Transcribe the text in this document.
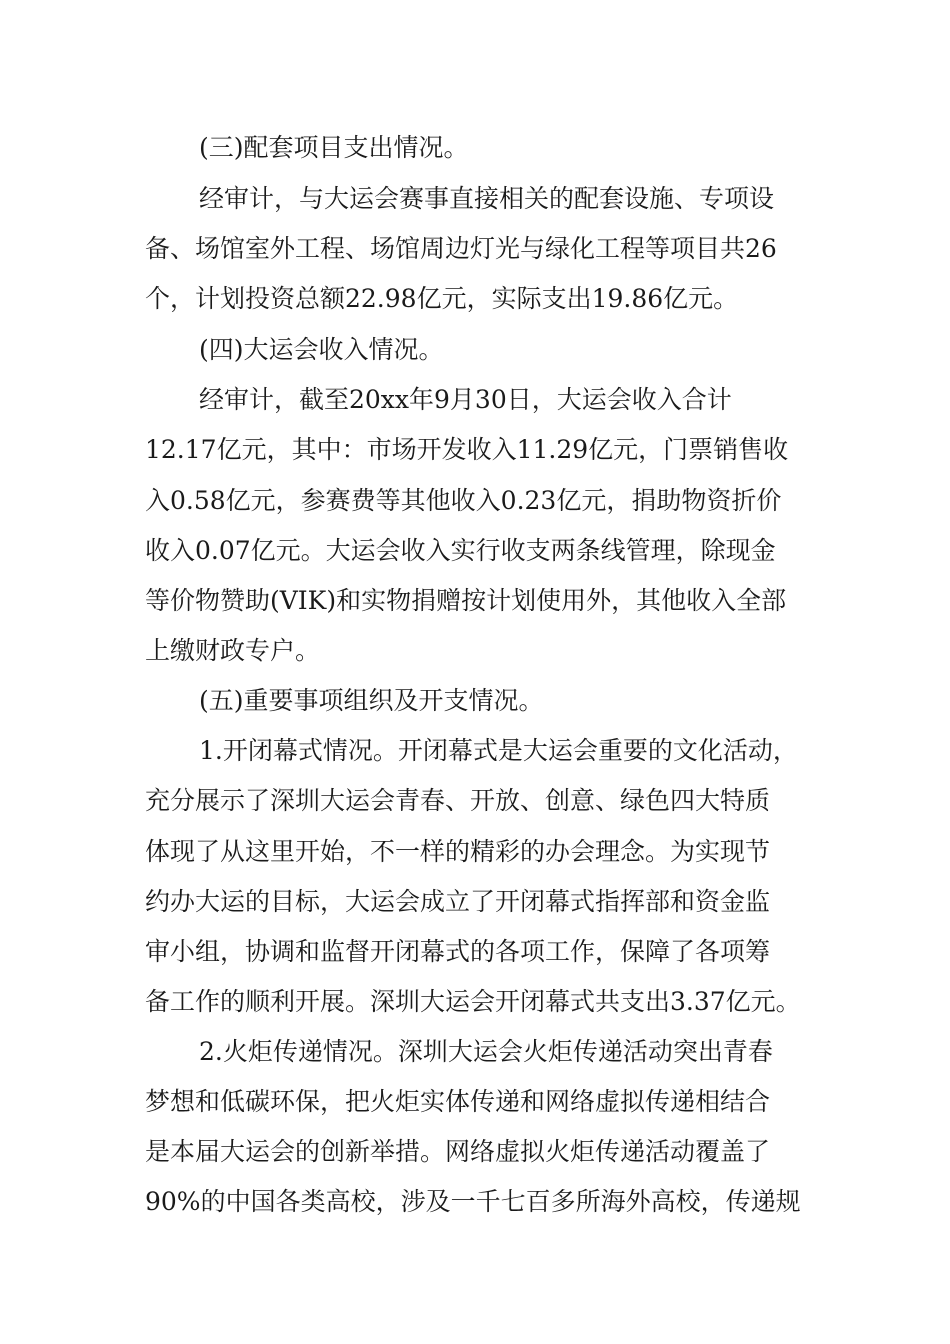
(三)配套项目支出情况。
经审计，与大运会赛事直接相关的配套设施、专项设
备、场馆室外工程、场馆周边灯光与绿化工程等项目共26
个，计划投资总额22.98亿元，实际支出19.86亿元。
(四)大运会收入情况。
经审计，截至20xx年9月30日，大运会收入合计
12.17亿元，其中：市场开发收入11.29亿元，门票销售收
入0.58亿元，参赛费等其他收入0.23亿元，捐助物资折价
收入0.07亿元。大运会收入实行收支两条线管理，除现金
等价物赞助(VIK)和实物捐赠按计划使用外，其他收入全部
上缴财政专户。
(五)重要事项组织及开支情况。
1.开闭幕式情况。开闭幕式是大运会重要的文化活动，
充分展示了深圳大运会青春、开放、创意、绿色四大特质
体现了从这里开始，不一样的精彩的办会理念。为实现节
约办大运的目标，大运会成立了开闭幕式指挥部和资金监
审小组，协调和监督开闭幕式的各项工作，保障了各项筹
备工作的顺利开展。深圳大运会开闭幕式共支出3.37亿元。
2.火炬传递情况。深圳大运会火炬传递活动突出青春
梦想和低碳环保，把火炬实体传递和网络虚拟传递相结合
是本届大运会的创新举措。网络虚拟火炬传递活动覆盖了
90%的中国各类高校，涉及一千七百多所海外高校，传递规
